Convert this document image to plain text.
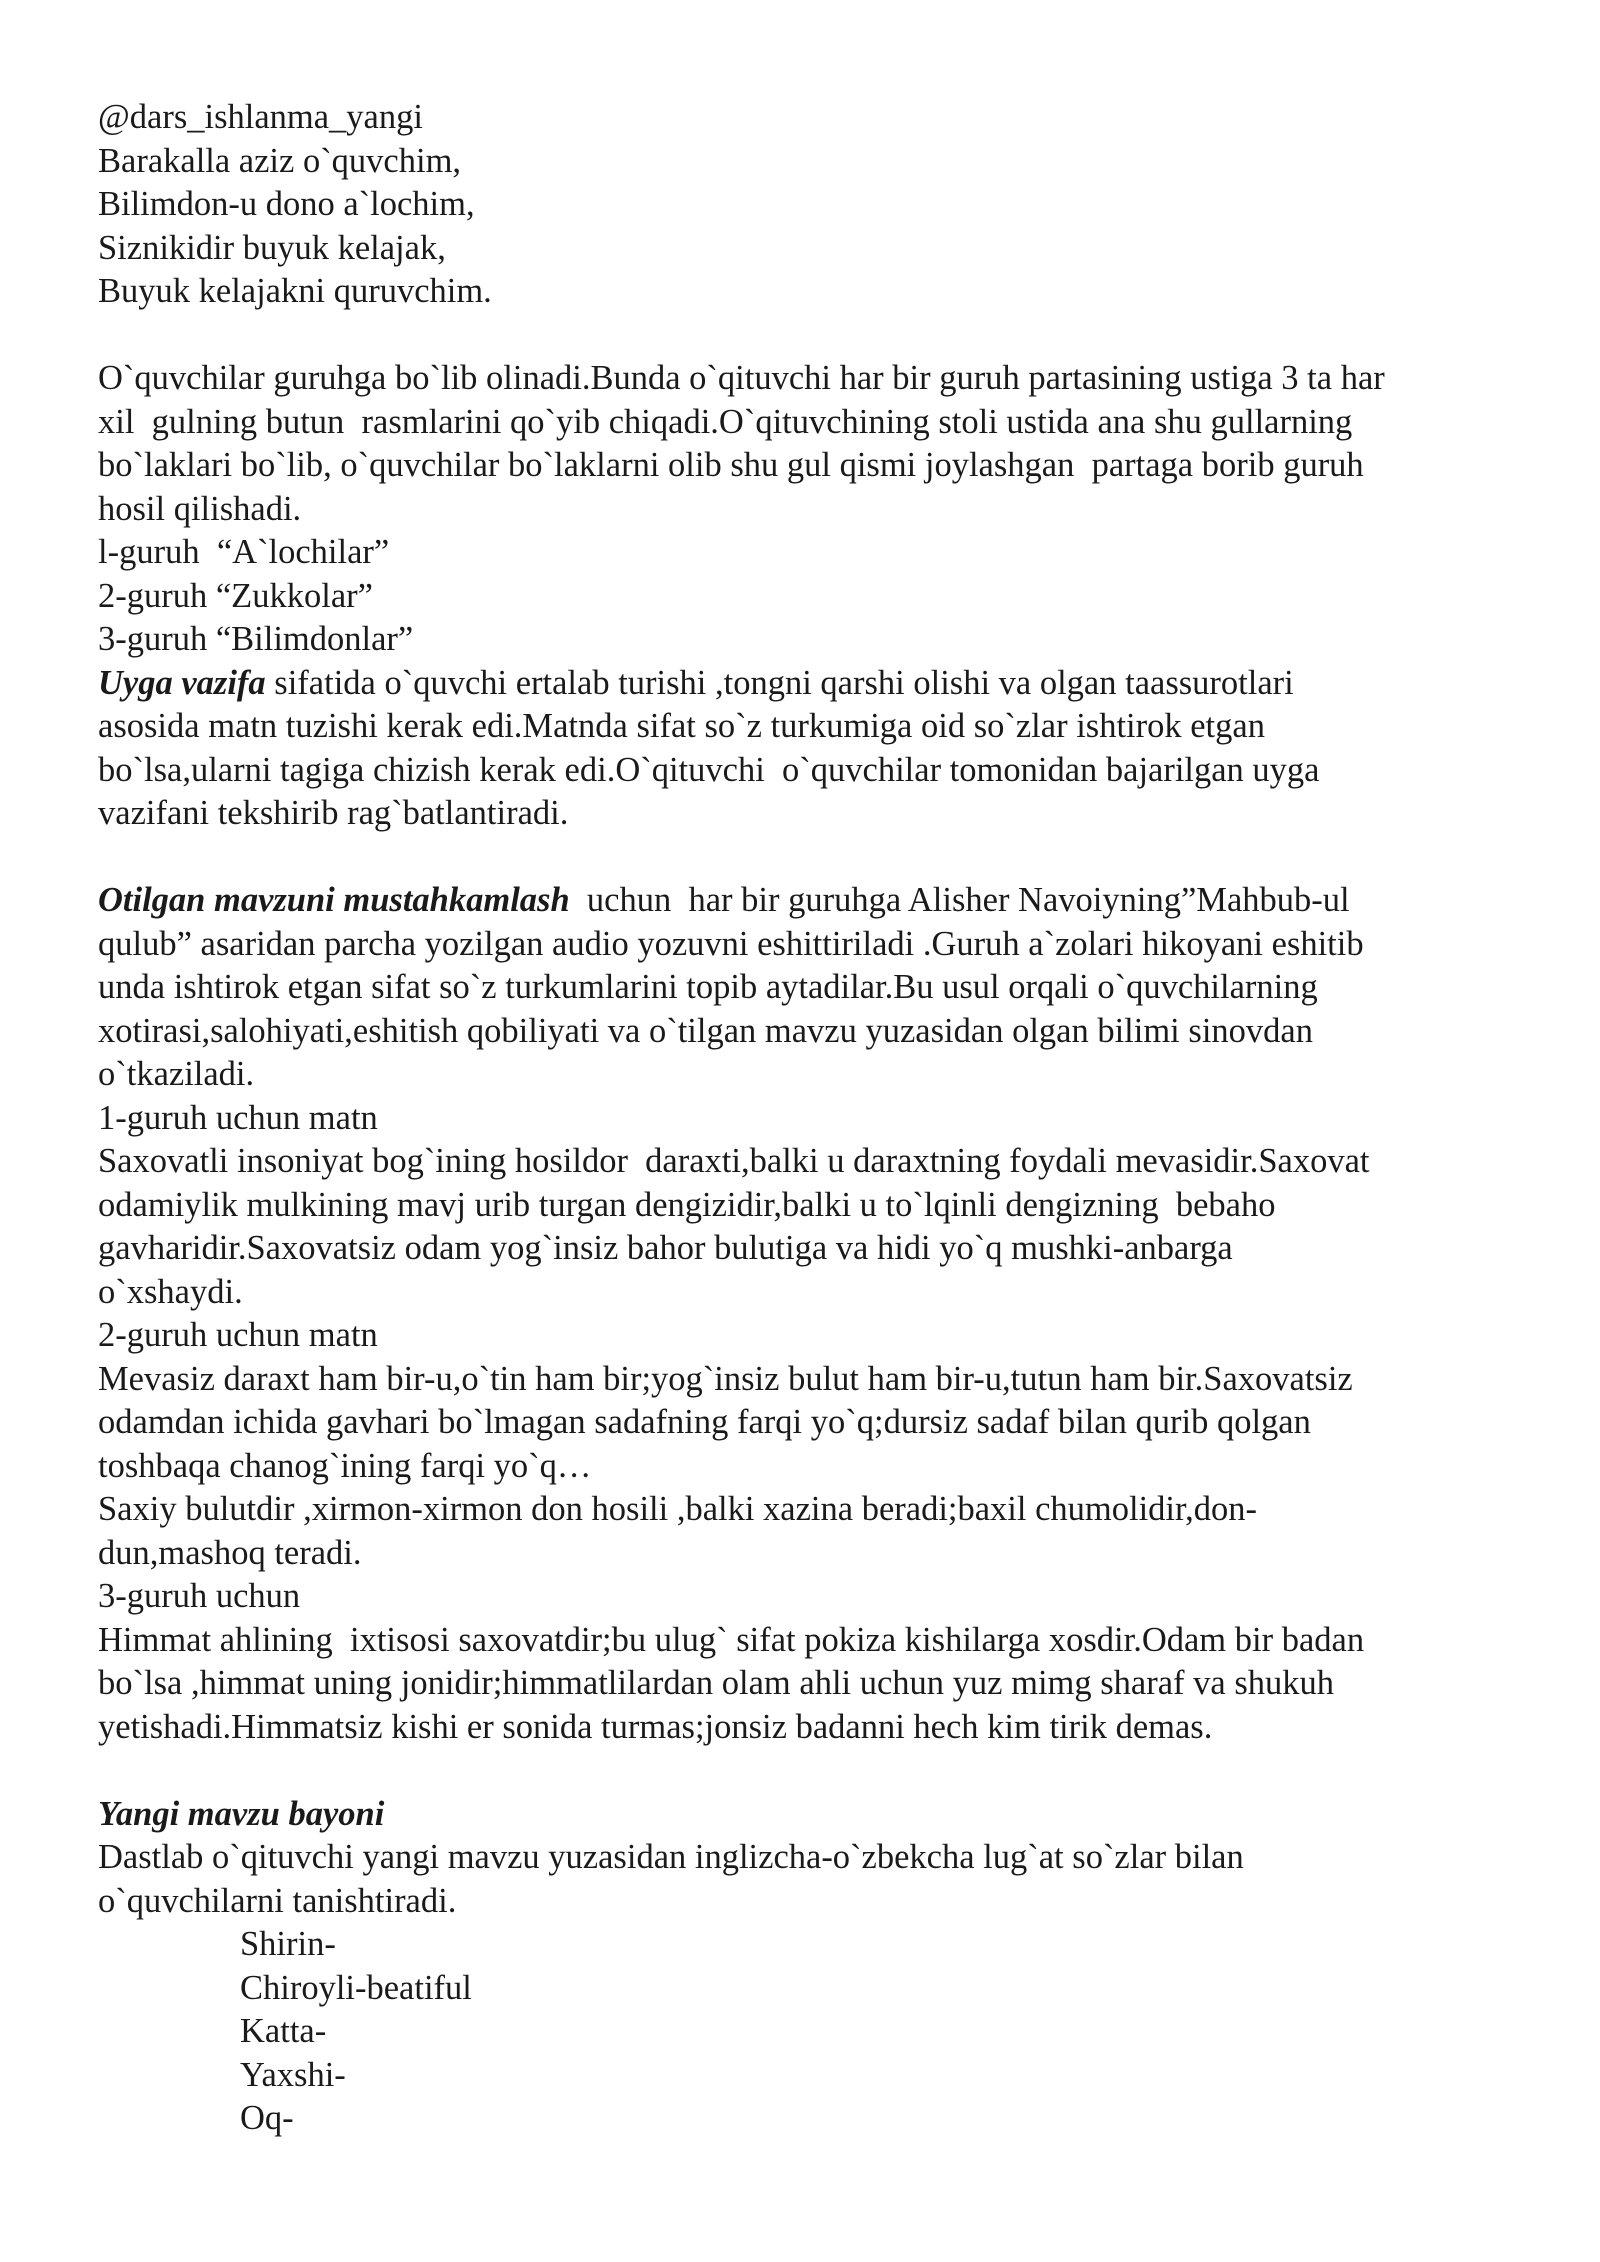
@dars_ishlanma_yangi
Barakalla aziz o`quvchim,
Bilimdon-u dono a`lochim,
Siznikidir buyuk kelajak,
Buyuk kelajakni quruvchim.
O`quvchilar guruhga bo`lib olinadi.Bunda o`qituvchi har bir guruh partasining ustiga 3 ta har
xil  gulning butun  rasmlarini qo`yib chiqadi.O`qituvchining stoli ustida ana shu gullarning
bo`laklari bo`lib, o`quvchilar bo`laklarni olib shu gul qismi joylashgan  partaga borib guruh
hosil qilishadi.
l-guruh  “A`lochilar”
2-guruh “Zukkolar”
3-guruh “Bilimdonlar”
Uyga vazifa sifatida o`quvchi ertalab turishi ,tongni qarshi olishi va olgan taassurotlari
asosida matn tuzishi kerak edi.Matnda sifat so`z turkumiga oid so`zlar ishtirok etgan
bo`lsa,ularni tagiga chizish kerak edi.O`qituvchi  o`quvchilar tomonidan bajarilgan uyga
vazifani tekshirib rag`batlantiradi.
Otilgan mavzuni mustahkamlash  uchun  har bir guruhga Alisher Navoiyning”Mahbub-ul
qulub” asaridan parcha yozilgan audio yozuvni eshittiriladi .Guruh a`zolari hikoyani eshitib
unda ishtirok etgan sifat so`z turkumlarini topib aytadilar.Bu usul orqali o`quvchilarning
xotirasi,salohiyati,eshitish qobiliyati va o`tilgan mavzu yuzasidan olgan bilimi sinovdan
o`tkaziladi.
1-guruh uchun matn
Saxovatli insoniyat bog`ining hosildor  daraxti,balki u daraxtning foydali mevasidir.Saxovat
odamiylik mulkining mavj urib turgan dengizidir,balki u to`lqinli dengizning  bebaho
gavharidir.Saxovatsiz odam yog`insiz bahor bulutiga va hidi yo`q mushki-anbarga
o`xshaydi.
2-guruh uchun matn
Mevasiz daraxt ham bir-u,o`tin ham bir;yog`insiz bulut ham bir-u,tutun ham bir.Saxovatsiz
odamdan ichida gavhari bo`lmagan sadafning farqi yo`q;dursiz sadaf bilan qurib qolgan
toshbaqa chanog`ining farqi yo`q…
Saxiy bulutdir ,xirmon-xirmon don hosili ,balki xazina beradi;baxil chumolidir,don-
dun,mashoq teradi.
3-guruh uchun
Himmat ahlining  ixtisosi saxovatdir;bu ulug` sifat pokiza kishilarga xosdir.Odam bir badan
bo`lsa ,himmat uning jonidir;himmatlilardan olam ahli uchun yuz mimg sharaf va shukuh
yetishadi.Himmatsiz kishi er sonida turmas;jonsiz badanni hech kim tirik demas.
Yangi mavzu bayoni
Dastlab o`qituvchi yangi mavzu yuzasidan inglizcha-o`zbekcha lug`at so`zlar bilan
o`quvchilarni tanishtiradi.
Shirin-
Chiroyli-beatiful
Katta-
Yaxshi-
Oq-
